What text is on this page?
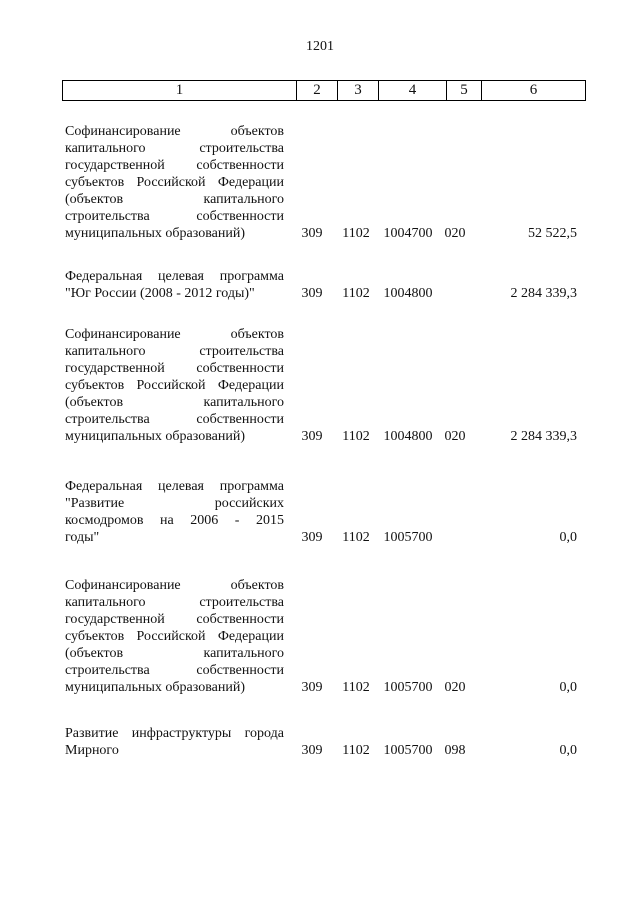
1201
1	2	3	4	5	6
Софинансирование объектов
капитального строительства
государственной собственности
субъектов Российской Федерации
(объектов капитального
строительства собственности
муниципальных образований)	309	1102 1004700 020	52 522,5
Федеральная целевая программа
"Юг России (2008 - 2012 годы)"	309	1102 1004800	2 284 339,3
Софинансирование объектов
капитального строительства
государственной собственности
субъектов Российской Федерации
(объектов капитального
строительства собственности
муниципальных образований)	309	1102 1004800 020	2 284 339,3
Федеральная целевая программа
"Развитие российских
космодромов на 2006 - 2015
годы"	309	1102 1005700	0,0
Софинансирование объектов
капитального строительства
государственной собственности
субъектов Российской Федерации
(объектов капитального
строительства собственности
муниципальных образований)	309	1102 1005700 020	0,0
Развитие инфраструктуры города
Мирного	309	1102 1005700 098	0,0
